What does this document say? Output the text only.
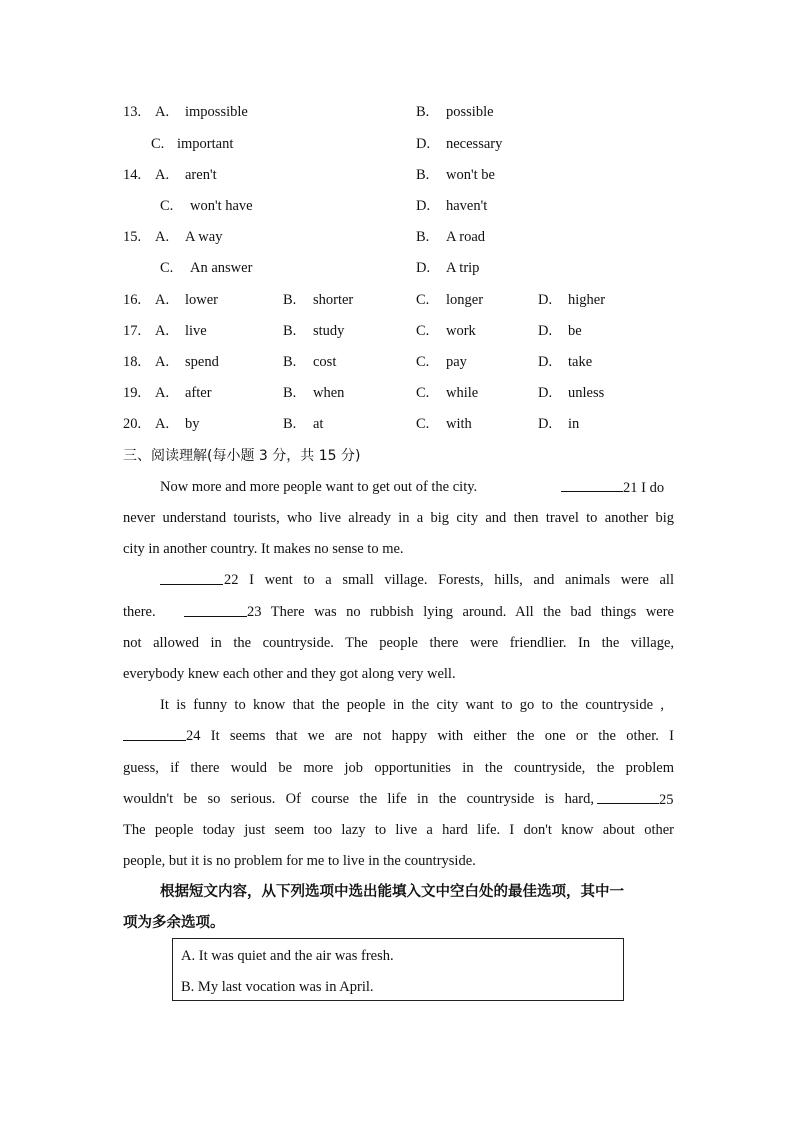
13. A. impossible	B. possible
C. important	D. necessary
14. A. aren't	B. won't be
C. won't have	D. haven't
15. A. A way	B. A road
C. An answer	D. A trip
16. A. lower	B. shorter	C. longer	D. higher
17. A. live	B. study	C. work	D. be
18. A. spend	B. cost	C. pay	D. take
19. A. after	B. when	C. while	D. unless
20. A. by	B. at	C. with	D. in
三、阅读理解(每小题 3 分，共 15 分)
Now more and more people want to get out of the city.	21 I do
never understand tourists, who live already in a big city and then travel to another big
city in another country. It makes no sense to me.
22 I went to a small village. Forests, hills, and animals were all
there.	23 There was no rubbish lying around. All the bad things were
not allowed in the countryside. The people there were friendlier. In the village,
everybody knew each other and they got along very well.
It is funny to know that the people in the city want to go to the countryside ,
24 It seems that we are not happy with either the one or the other. I
guess, if there would be more job opportunities in the countryside, the problem
wouldn't be so serious. Of course the life in the countryside is hard,	25
The people today just seem too lazy to live a hard life. I don't know about other
people, but it is no problem for me to live in the countryside.
根据短文内容，从下列选项中选出能填入文中空白处的最佳选项，其中一
项为多余选项。
A. It was quiet and the air was fresh.
B. My last vocation was in April.
